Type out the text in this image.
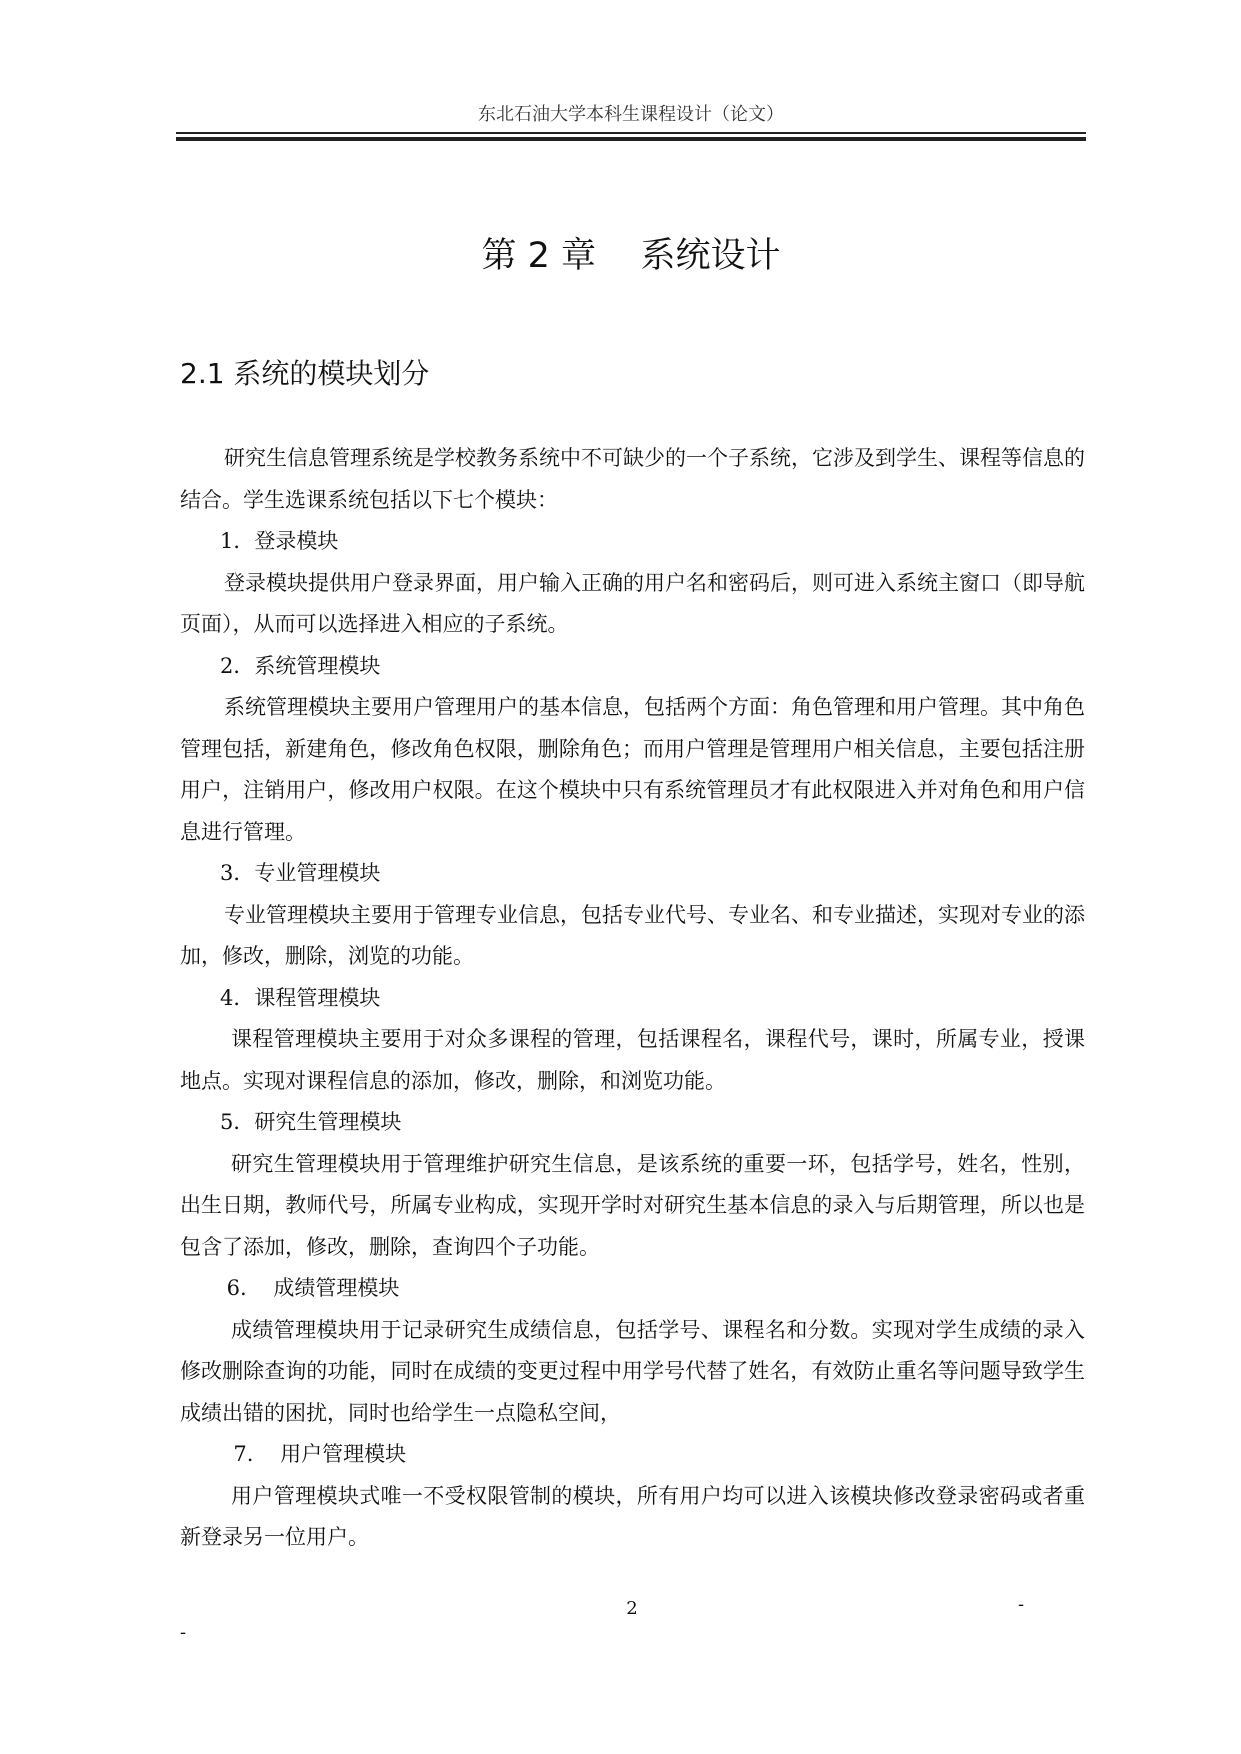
东北石油大学本科生课程设计（论文）
第 2 章    系统设计
2.1 系统的模块划分

研究生信息管理系统是学校教务系统中不可缺少的一个子系统，它涉及到学生、课程等信息的结合。学生选课系统包括以下七个模块：

1．登录模块

登录模块提供用户登录界面，用户输入正确的用户名和密码后，则可进入系统主窗口（即导航页面），从而可以选择进入相应的子系统。

2．系统管理模块

系统管理模块主要用户管理用户的基本信息，包括两个方面：角色管理和用户管理。其中角色管理包括，新建角色，修改角色权限，删除角色；而用户管理是管理用户相关信息，主要包括注册用户，注销用户，修改用户权限。在这个模块中只有系统管理员才有此权限进入并对角色和用户信息进行管理。

3．专业管理模块

专业管理模块主要用于管理专业信息，包括专业代号、专业名、和专业描述，实现对专业的添加，修改，删除，浏览的功能。

4．课程管理模块

课程管理模块主要用于对众多课程的管理，包括课程名，课程代号，课时，所属专业，授课地点。实现对课程信息的添加，修改，删除，和浏览功能。

5．研究生管理模块

研究生管理模块用于管理维护研究生信息，是该系统的重要一环，包括学号，姓名，性别，出生日期，教师代号，所属专业构成，实现开学时对研究生基本信息的录入与后期管理，所以也是包含了添加，修改，删除，查询四个子功能。

6.    成绩管理模块

成绩管理模块用于记录研究生成绩信息，包括学号、课程名和分数。实现对学生成绩的录入修改删除查询的功能，同时在成绩的变更过程中用学号代替了姓名，有效防止重名等问题导致学生成绩出错的困扰，同时也给学生一点隐私空间，

7.    用户管理模块

用户管理模块式唯一不受权限管制的模块，所有用户均可以进入该模块修改登录密码或者重新登录另一位用户。

2	-
-
